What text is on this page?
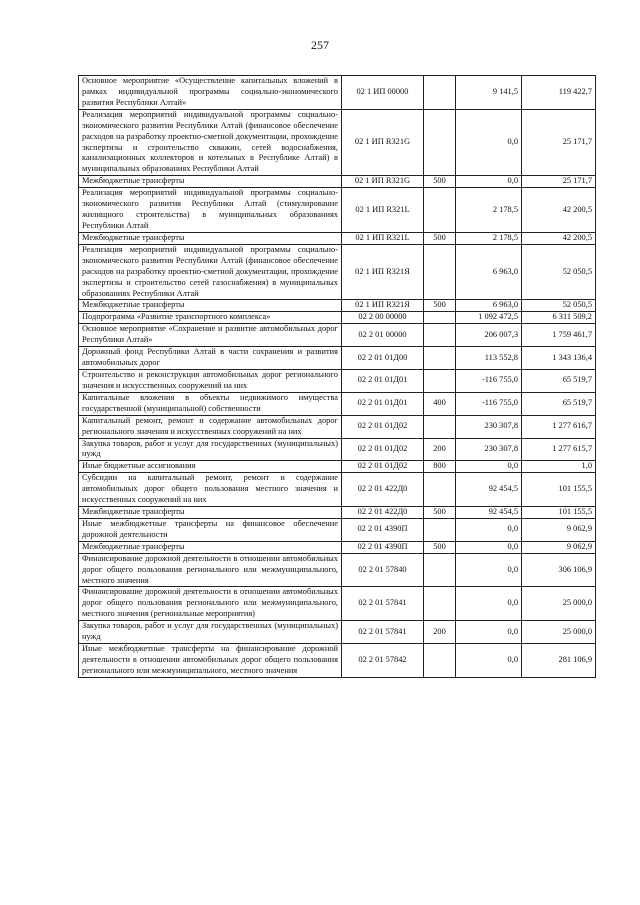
257
Основное мероприятие «Осуществление капитальных вложений в рамках индивидуальной программы социально-экономического развития Республики Алтай»	02 1 ИП 00000		9 141,5	119 422,7
Реализация мероприятий индивидуальной программы социально-экономического развития Республики Алтай (финансовое обеспечение расходов на разработку проектно-сметной документации, прохождение экспертизы и строительство скважин, сетей водоснабжения, канализационных коллекторов и котельных в Республике Алтай) в муниципальных образованиях Республики Алтай	02 1 ИП R321G		0,0	25 171,7
Межбюджетные трансферты	02 1 ИП R321G	500	0,0	25 171,7
Реализация мероприятий индивидуальной программы социально-экономического развития Республики Алтай (стимулирование жилищного строительства) в муниципальных образованиях Республики Алтай	02 1 ИП R321L		2 178,5	42 200,5
Межбюджетные трансферты	02 1 ИП R321L	500	2 178,5	42 200,5
Реализация мероприятий индивидуальной программы социально-экономического развития Республики Алтай (финансовое обеспечение расходов на разработку проектно-сметной документации, прохождение экспертизы и строительство сетей газоснабжения) в муниципальных образованиях Республики Алтай	02 1 ИП R321Я		6 963,0	52 050,5
Межбюджетные трансферты	02 1 ИП R321Я	500	6 963,0	52 050,5
Подпрограмма «Развитие транспортного комплекса»	02 2 00 00000		1 092 472,5	6 311 509,2
Основное мероприятие «Сохранение и развитие автомобильных дорог Республики Алтай»	02 2 01 00000		206 007,3	1 759 461,7
Дорожный фонд Республики Алтай в части сохранения и развития автомобильных дорог	02 2 01 01Д00		113 552,8	1 343 136,4
Строительство и реконструкция автомобильных дорог регионального значения и искусственных сооружений на них	02 2 01 01Д01		-116 755,0	65 519,7
Капитальные вложения в объекты недвижимого имущества государственной (муниципальной) собственности	02 2 01 01Д01	400	-116 755,0	65 519,7
Капитальный ремонт, ремонт и содержание автомобильных дорог регионального значения и искусственных сооружений на них	02 2 01 01Д02		230 307,8	1 277 616,7
Закупка товаров, работ и услуг для государственных (муниципальных) нужд	02 2 01 01Д02	200	230 307,8	1 277 615,7
Иные бюджетные ассигнования	02 2 01 01Д02	800	0,0	1,0
Субсидии на капитальный ремонт, ремонт и содержание автомобильных дорог общего пользования местного значения и искусственных сооружений на них	02 2 01 422Д0		92 454,5	101 155,5
Межбюджетные трансферты	02 2 01 422Д0	500	92 454,5	101 155,5
Иные межбюджетные трансферты на финансовое обеспечение дорожной деятельности	02 2 01 4390П		0,0	9 062,9
Межбюджетные трансферты	02 2 01 4390П	500	0,0	9 062,9
Финансирование дорожной деятельности в отношении автомобильных дорог общего пользования регионального или межмуниципального, местного значения	02 2 01 57840		0,0	306 106,9
Финансирование дорожной деятельности в отношении автомобильных дорог общего пользования регионального или межмуниципального, местного значения (региональные мероприятия)	02 2 01 57841		0,0	25 000,0
Закупка товаров, работ и услуг для государственных (муниципальных) нужд	02 2 01 57841	200	0,0	25 000,0
Иные межбюджетные трансферты на финансирование дорожной деятельности в отношении автомобильных дорог общего пользования регионального или межмуниципального, местного значения	02 2 01 57842		0,0	281 106,9
